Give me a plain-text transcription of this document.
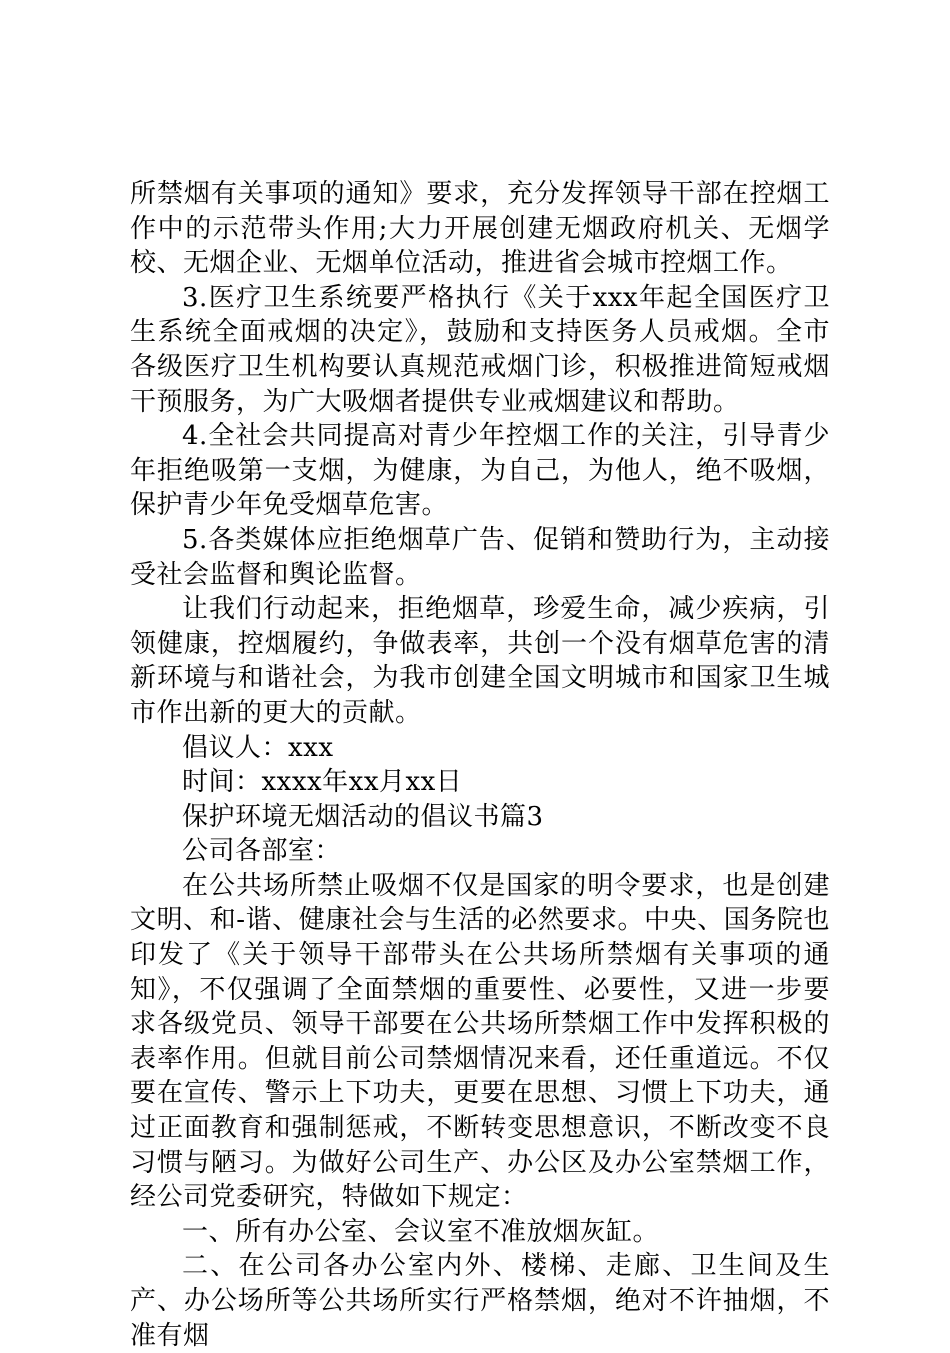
所禁烟有关事项的通知》要求，充分发挥领导干部在控烟工作中的示范带头作用;大力开展创建无烟政府机关、无烟学校、无烟企业、无烟单位活动，推进省会城市控烟工作。

3.医疗卫生系统要严格执行《关于xxx年起全国医疗卫生系统全面戒烟的决定》，鼓励和支持医务人员戒烟。全市各级医疗卫生机构要认真规范戒烟门诊，积极推进简短戒烟干预服务，为广大吸烟者提供专业戒烟建议和帮助。

4.全社会共同提高对青少年控烟工作的关注，引导青少年拒绝吸第一支烟，为健康，为自己，为他人，绝不吸烟，保护青少年免受烟草危害。

5.各类媒体应拒绝烟草广告、促销和赞助行为，主动接受社会监督和舆论监督。

让我们行动起来，拒绝烟草，珍爱生命，减少疾病，引领健康，控烟履约，争做表率，共创一个没有烟草危害的清新环境与和谐社会，为我市创建全国文明城市和国家卫生城市作出新的更大的贡献。

倡议人：xxx

时间：xxxx年xx月xx日

保护环境无烟活动的倡议书篇3

公司各部室：

在公共场所禁止吸烟不仅是国家的明令要求，也是创建文明、和-谐、健康社会与生活的必然要求。中央、国务院也印发了《关于领导干部带头在公共场所禁烟有关事项的通知》，不仅强调了全面禁烟的重要性、必要性，又进一步要求各级党员、领导干部要在公共场所禁烟工作中发挥积极的表率作用。但就目前公司禁烟情况来看，还任重道远。不仅要在宣传、警示上下功夫，更要在思想、习惯上下功夫，通过正面教育和强制惩戒，不断转变思想意识，不断改变不良习惯与陋习。为做好公司生产、办公区及办公室禁烟工作，经公司党委研究，特做如下规定：

一、所有办公室、会议室不准放烟灰缸。

二、在公司各办公室内外、楼梯、走廊、卫生间及生产、办公场所等公共场所实行严格禁烟，绝对不许抽烟，不准有烟
